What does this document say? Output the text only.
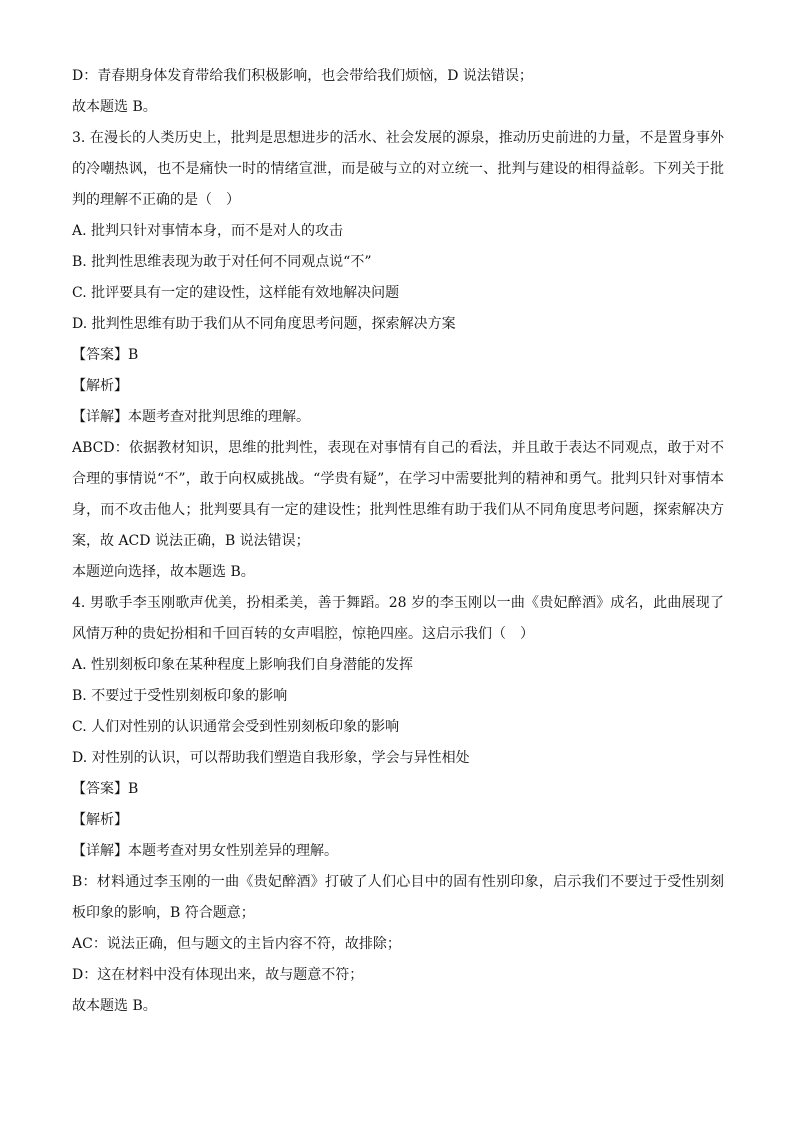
D：青春期身体发育带给我们积极影响，也会带给我们烦恼，D 说法错误；

故本题选 B。

3. 在漫长的人类历史上，批判是思想进步的活水、社会发展的源泉，推动历史前进的力量，不是置身事外的冷嘲热讽，也不是痛快一时的情绪宣泄，而是破与立的对立统一、批判与建设的相得益彰。下列关于批判的理解不正确的是（　）

A. 批判只针对事情本身，而不是对人的攻击

B. 批判性思维表现为敢于对任何不同观点说“不”

C. 批评要具有一定的建设性，这样能有效地解决问题

D. 批判性思维有助于我们从不同角度思考问题，探索解决方案

【答案】B

【解析】

【详解】本题考查对批判思维的理解。

ABCD：依据教材知识，思维的批判性，表现在对事情有自己的看法，并且敢于表达不同观点，敢于对不合理的事情说“不”，敢于向权威挑战。“学贵有疑”，在学习中需要批判的精神和勇气。批判只针对事情本身，而不攻击他人；批判要具有一定的建设性；批判性思维有助于我们从不同角度思考问题，探索解决方案，故 ACD 说法正确，B 说法错误；

本题逆向选择，故本题选 B。

4. 男歌手李玉刚歌声优美，扮相柔美，善于舞蹈。28 岁的李玉刚以一曲《贵妃醉酒》成名，此曲展现了风情万种的贵妃扮相和千回百转的女声唱腔，惊艳四座。这启示我们（　）

A. 性别刻板印象在某种程度上影响我们自身潜能的发挥

B. 不要过于受性别刻板印象的影响

C. 人们对性别的认识通常会受到性别刻板印象的影响

D. 对性别的认识，可以帮助我们塑造自我形象，学会与异性相处

【答案】B

【解析】

【详解】本题考查对男女性别差异的理解。

B：材料通过李玉刚的一曲《贵妃醉酒》打破了人们心目中的固有性别印象，启示我们不要过于受性别刻板印象的影响，B 符合题意；

AC：说法正确，但与题文的主旨内容不符，故排除；

D：这在材料中没有体现出来，故与题意不符；

故本题选 B。
